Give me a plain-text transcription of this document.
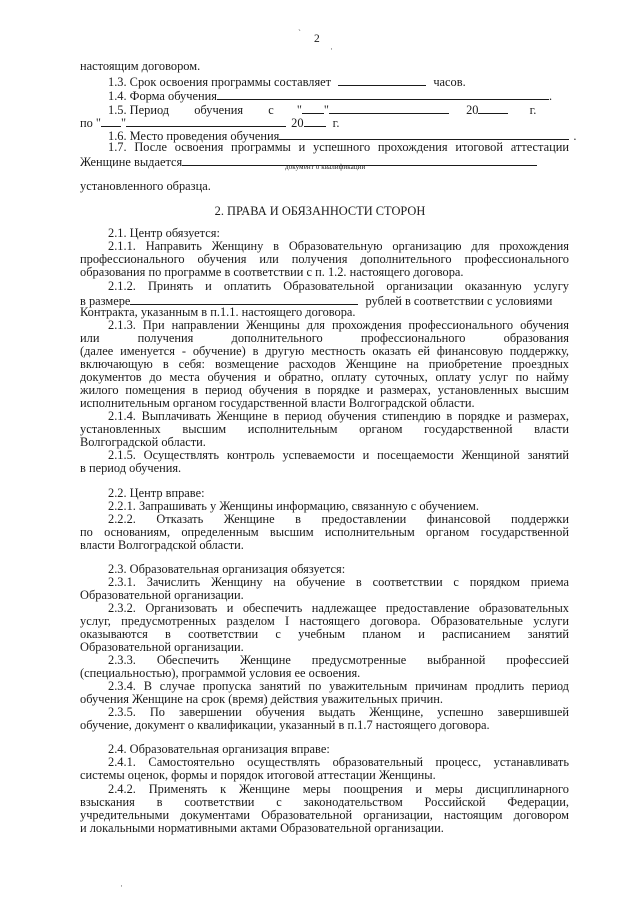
2
`
·
настоящим договором.
1.3. Срок освоения программы составляет	часов.
1.4. Форма обучения	.
1.5. Период обучения с " "	20	г.
по " "	20 г.
1.6. Место проведения обучения	.
1.7. После освоения программы и успешного прохождения итоговой аттестации
Женщине выдается	документ о квалификации
установленного образца.
2. ПРАВА И ОБЯЗАННОСТИ СТОРОН
2.1. Центр обязуется:
2.1.1. Направить Женщину в Образовательную организацию для прохождения
профессионального обучения или получения дополнительного профессионального
образования по программе в соответствии с п. 1.2. настоящего договора.
2.1.2. Принять и оплатить Образовательной организации оказанную услугу
в размере	рублей в соответствии с условиями
Контракта, указанным в п.1.1. настоящего договора.
2.1.3. При направлении Женщины для прохождения профессионального обучения
или получения дополнительного профессионального образования
(далее именуется - обучение) в другую местность оказать ей финансовую поддержку,
включающую в себя: возмещение расходов Женщине на приобретение проездных
документов до места обучения и обратно, оплату суточных, оплату услуг по найму
жилого помещения в период обучения в порядке и размерах, установленных высшим
исполнительным органом государственной власти Волгоградской области.
2.1.4. Выплачивать Женщине в период обучения стипендию в порядке и размерах,
установленных высшим исполнительным органом государственной власти
Волгоградской области.
2.1.5. Осуществлять контроль успеваемости и посещаемости Женщиной занятий
в период обучения.
2.2. Центр вправе:
2.2.1. Запрашивать у Женщины информацию, связанную с обучением.
2.2.2. Отказать Женщине в предоставлении финансовой поддержки
по основаниям, определенным высшим исполнительным органом государственной
власти Волгоградской области.
2.3. Образовательная организация обязуется:
2.3.1. Зачислить Женщину на обучение в соответствии с порядком приема
Образовательной организации.
2.3.2. Организовать и обеспечить надлежащее предоставление образовательных
услуг, предусмотренных разделом I настоящего договора. Образовательные услуги
оказываются в соответствии с учебным планом и расписанием занятий
Образовательной организации.
2.3.3. Обеспечить Женщине предусмотренные выбранной профессией
(специальностью), программой условия ее освоения.
2.3.4. В случае пропуска занятий по уважительным причинам продлить период
обучения Женщине на срок (время) действия уважительных причин.
2.3.5. По завершении обучения выдать Женщине, успешно завершившей
обучение, документ о квалификации, указанный в п.1.7 настоящего договора.
2.4. Образовательная организация вправе:
2.4.1. Самостоятельно осуществлять образовательный процесс, устанавливать
системы оценок, формы и порядок итоговой аттестации Женщины.
2.4.2. Применять к Женщине меры поощрения и меры дисциплинарного
взыскания в соответствии с законодательством Российской Федерации,
учредительными документами Образовательной организации, настоящим договором
и локальными нормативными актами Образовательной организации.
·
